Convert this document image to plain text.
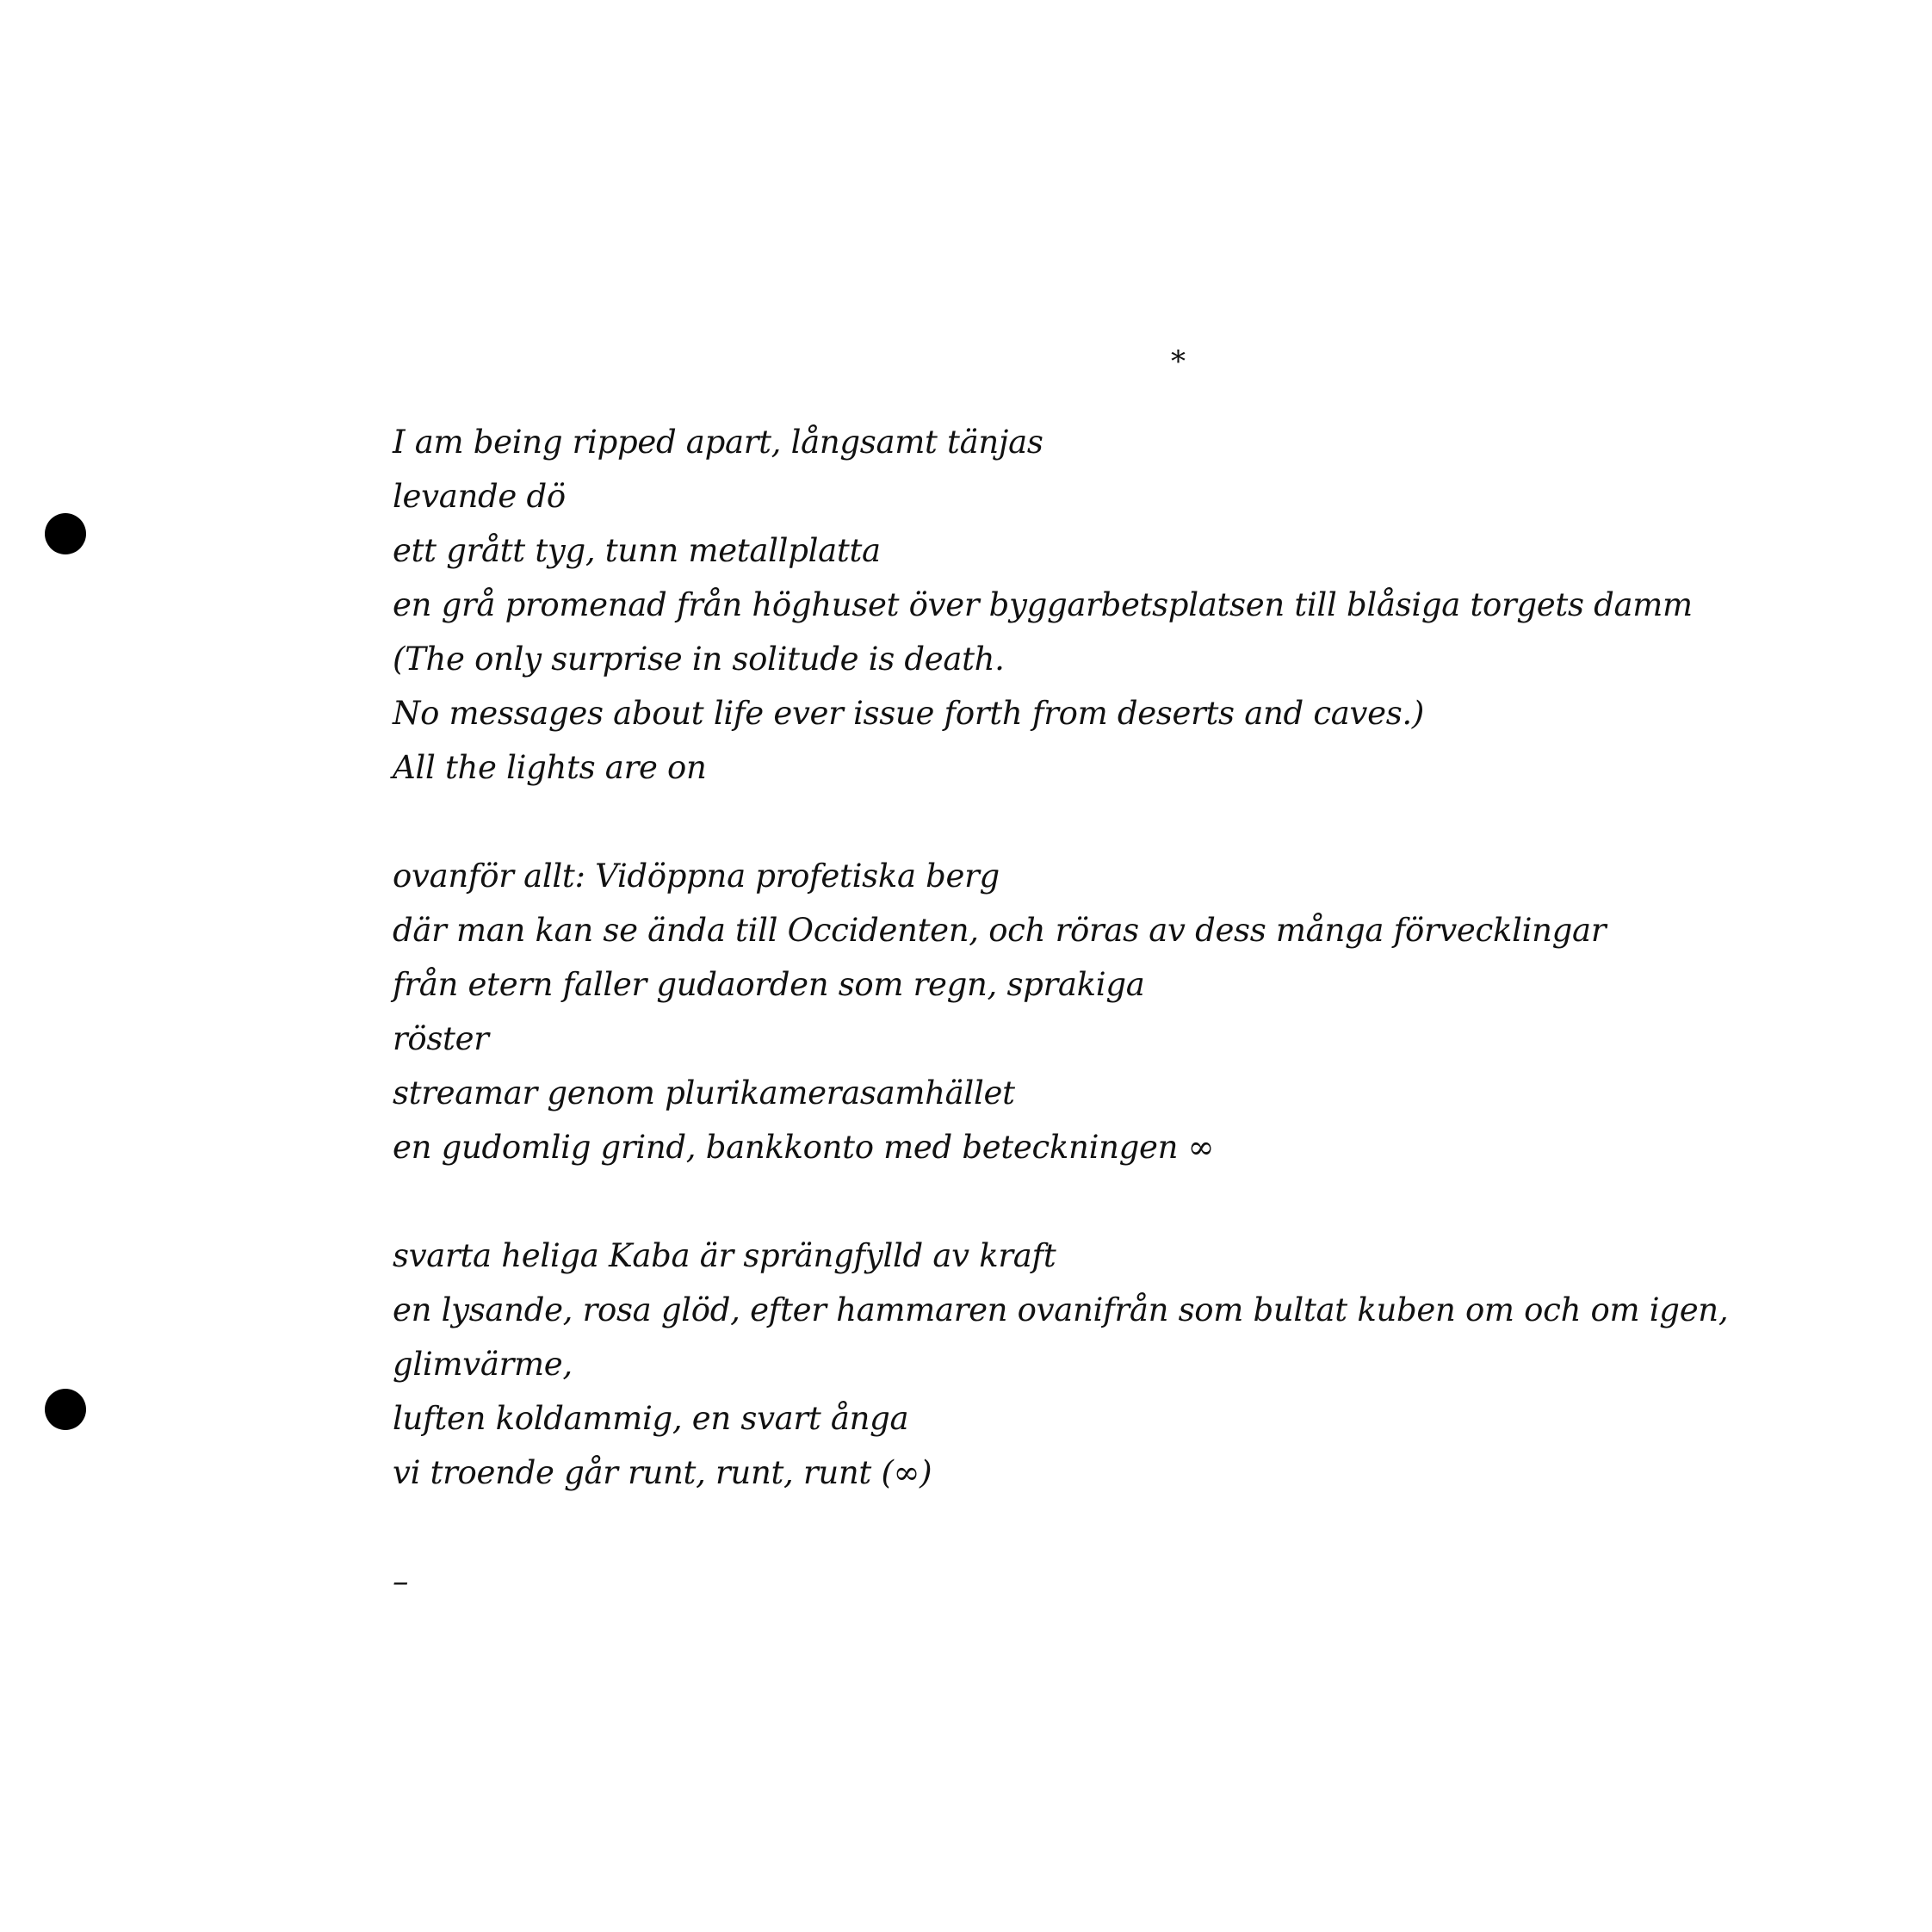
*
I am being ripped apart, långsamt tänjas
levande dö
ett grått tyg, tunn metallplatta
en grå promenad från höghuset över byggarbetsplatsen till blåsiga torgets damm
(The only surprise in solitude is death.
No messages about life ever issue forth from deserts and caves.)
All the lights are on
ovanför allt: Vidöppna profetiska berg
där man kan se ända till Occidenten, och röras av dess många förvecklingar
från etern faller gudaorden som regn, sprakiga
röster
streamar genom plurikamerasamhället
en gudomlig grind, bankkonto med beteckningen ∞
svarta heliga Kaba är sprängfylld av kraft
en lysande, rosa glöd, efter hammaren ovanifrån som bultat kuben om och om igen,
glimvärme,
luften koldammig, en svart ånga
vi troende går runt, runt, runt (∞)
–
